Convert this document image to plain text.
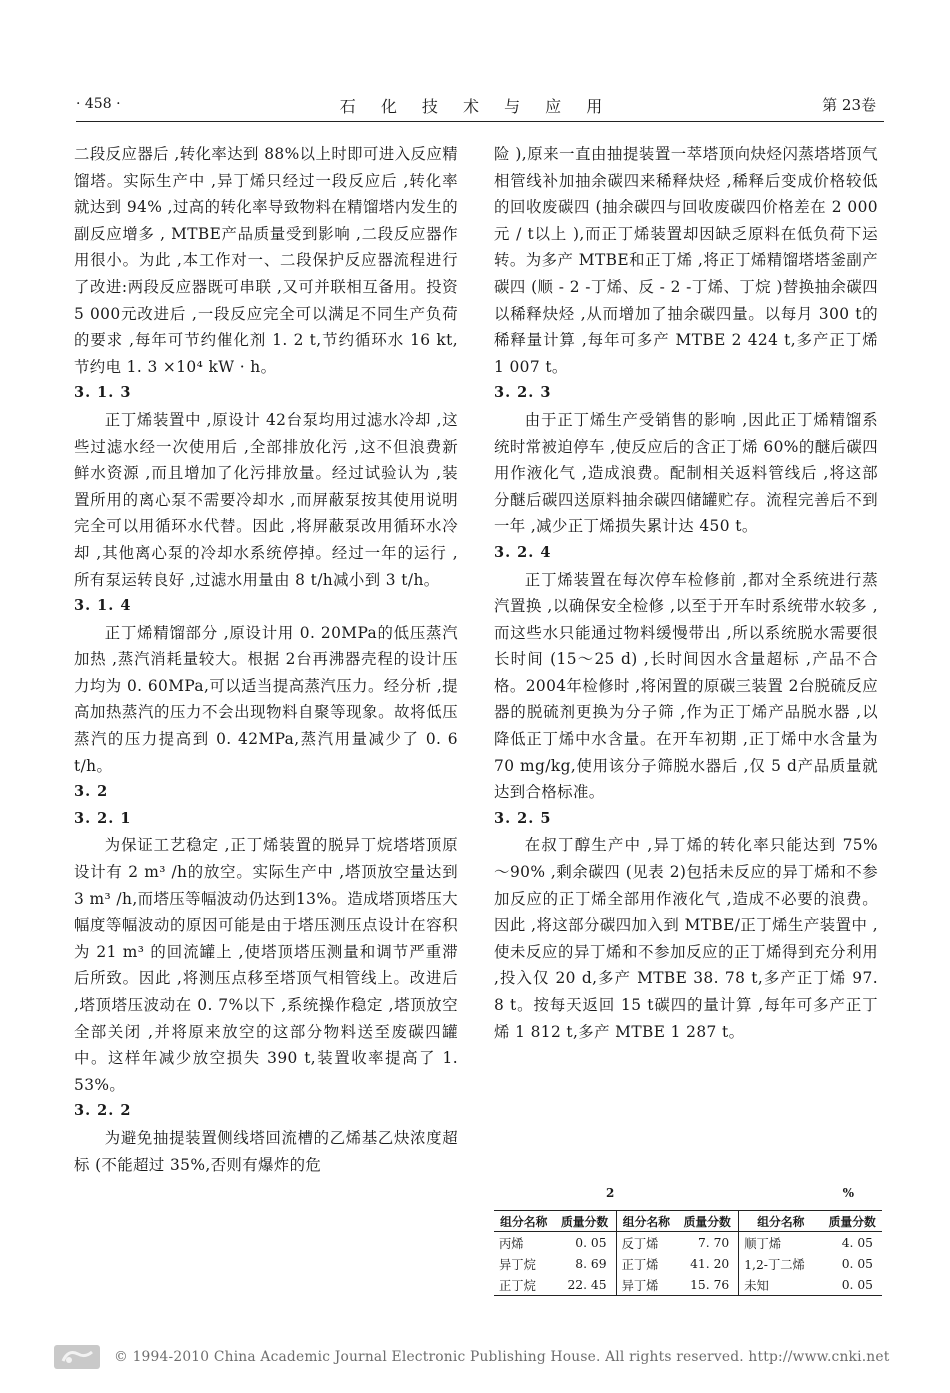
· 458 ·	石 化 技 术 与 应 用	第 23卷

二段反应器后 ,转化率达到 88%以上时即可进入反应精馏塔。实际生产中 ,异丁烯只经过一段反应后 ,转化率就达到 94% ,过高的转化率导致物料在精馏塔内发生的副反应增多 , MTBE产品质量受到影响 ,二段反应器作用很小。为此 ,本工作对一、二段保护反应器流程进行了改进:两段反应器既可串联 ,又可并联相互备用。投资 5 000元改进后 ,一段反应完全可以满足不同生产负荷的要求 ,每年可节约催化剂 1. 2 t,节约循环水 16 kt,节约电 1. 3 ×10⁴ kW · h。

3. 1. 3

正丁烯装置中 ,原设计 42台泵均用过滤水冷却 ,这些过滤水经一次使用后 ,全部排放化污 ,这不但浪费新鲜水资源 ,而且增加了化污排放量。经过试验认为 ,装置所用的离心泵不需要冷却水 ,而屏蔽泵按其使用说明完全可以用循环水代替。因此 ,将屏蔽泵改用循环水冷却 ,其他离心泵的冷却水系统停掉。经过一年的运行 ,所有泵运转良好 ,过滤水用量由 8 t/h减小到 3 t/h。

3. 1. 4

正丁烯精馏部分 ,原设计用 0. 20MPa的低压蒸汽加热 ,蒸汽消耗量较大。根据 2台再沸器壳程的设计压力均为 0. 60MPa,可以适当提高蒸汽压力。经分析 ,提高加热蒸汽的压力不会出现物料自聚等现象。故将低压蒸汽的压力提高到 0. 42MPa,蒸汽用量减少了 0. 6 t/h。

3. 2
3. 2. 1

为保证工艺稳定 ,正丁烯装置的脱异丁烷塔塔顶原设计有 2 m³ /h的放空。实际生产中 ,塔顶放空量达到 3 m³ /h,而塔压等幅波动仍达到13%。造成塔顶塔压大幅度等幅波动的原因可能是由于塔压测压点设计在容积为 21 m³ 的回流罐上 ,使塔顶塔压测量和调节严重滞后所致。因此 ,将测压点移至塔顶气相管线上。改进后 ,塔顶塔压波动在 0. 7%以下 ,系统操作稳定 ,塔顶放空全部关闭 ,并将原来放空的这部分物料送至废碳四罐中。这样年减少放空损失 390 t,装置收率提高了 1. 53%。

3. 2. 2

为避免抽提装置侧线塔回流槽的乙烯基乙炔浓度超标 (不能超过 35%,否则有爆炸的危

险 ),原来一直由抽提装置一萃塔顶向炔烃闪蒸塔塔顶气相管线补加抽余碳四来稀释炔烃 ,稀释后变成价格较低的回收废碳四 (抽余碳四与回收废碳四价格差在 2 000元 / t以上 ),而正丁烯装置却因缺乏原料在低负荷下运转。为多产 MTBE和正丁烯 ,将正丁烯精馏塔塔釜副产碳四 (顺 - 2 -丁烯、反 - 2 -丁烯、丁烷 )替换抽余碳四以稀释炔烃 ,从而增加了抽余碳四量。以每月 300 t的稀释量计算 ,每年可多产 MTBE 2 424 t,多产正丁烯 1 007 t。

3. 2. 3

由于正丁烯生产受销售的影响 ,因此正丁烯精馏系统时常被迫停车 ,使反应后的含正丁烯 60%的醚后碳四用作液化气 ,造成浪费。配制相关返料管线后 ,将这部分醚后碳四送原料抽余碳四储罐贮存。流程完善后不到一年 ,减少正丁烯损失累计达 450 t。

3. 2. 4

正丁烯装置在每次停车检修前 ,都对全系统进行蒸汽置换 ,以确保安全检修 ,以至于开车时系统带水较多 ,而这些水只能通过物料缓慢带出 ,所以系统脱水需要很长时间 (15～25 d) ,长时间因水含量超标 ,产品不合格。2004年检修时 ,将闲置的原碳三装置 2台脱硫反应器的脱硫剂更换为分子筛 ,作为正丁烯产品脱水器 ,以降低正丁烯中水含量。在开车初期 ,正丁烯中水含量为 70 mg/kg,使用该分子筛脱水器后 ,仅 5 d产品质量就达到合格标准。

3. 2. 5

在叔丁醇生产中 ,异丁烯的转化率只能达到 75% ～90% ,剩余碳四 (见表 2)包括未反应的异丁烯和不参加反应的正丁烯全部用作液化气 ,造成不必要的浪费。因此 ,将这部分碳四加入到 MTBE/正丁烯生产装置中 ,使未反应的异丁烯和不参加反应的正丁烯得到充分利用 ,投入仅 20 d,多产 MTBE 38. 78 t,多产正丁烯 97. 8 t。按每天返回 15 t碳四的量计算 ,每年可多产正丁烯 1 812 t,多产 MTBE 1 287 t。

2	%
组分名称	质量分数	组分名称	质量分数	组分名称	质量分数
丙烯	0. 05	反丁烯	7. 70	顺丁烯	4. 05
异丁烷	8. 69	正丁烯	41. 20	1,2-丁二烯	0. 05
正丁烷	22. 45	异丁烯	15. 76	未知	0. 05
© 1994-2010 China Academic Journal Electronic Publishing House. All rights reserved. http://www.cnki.net
